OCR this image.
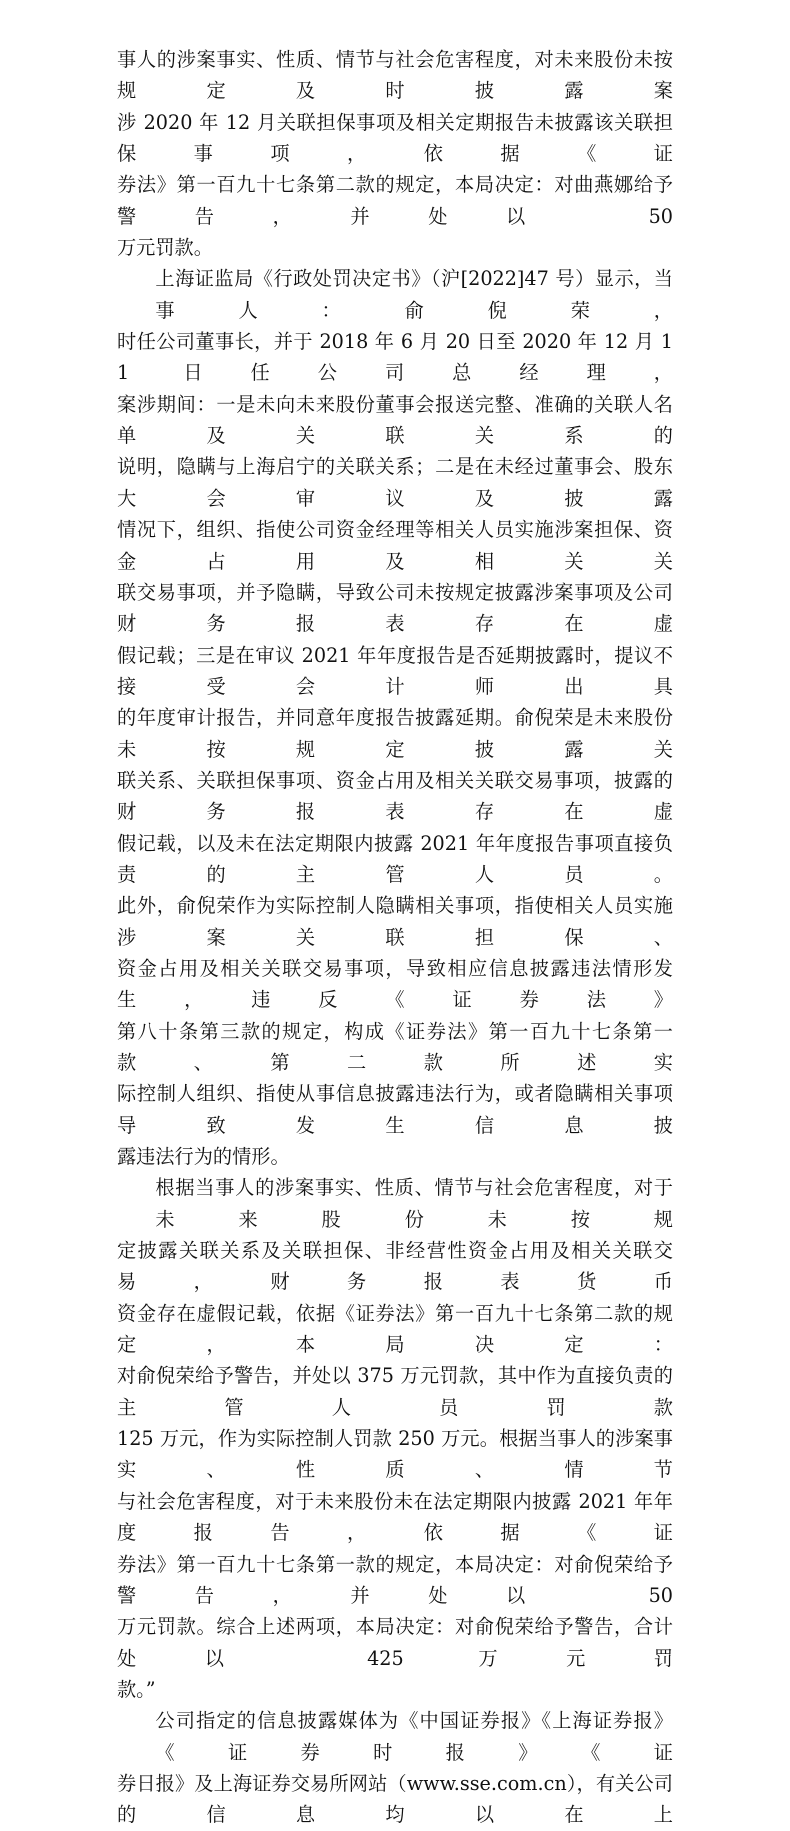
事人的涉案事实、性质、情节与社会危害程度，对未来股份未按规定及时披露案
涉 2020 年 12 月关联担保事项及相关定期报告未披露该关联担保事项，依据《证
券法》第一百九十七条第二款的规定，本局决定：对曲燕娜给予警告，并处以 50
万元罚款。
上海证监局《行政处罚决定书》（沪[2022]47 号）显示，当事人：俞倪荣，
时任公司董事长，并于 2018 年 6 月 20 日至 2020 年 12 月 11 日任公司总经理，
案涉期间：一是未向未来股份董事会报送完整、准确的关联人名单及关联关系的
说明，隐瞒与上海启宁的关联关系；二是在未经过董事会、股东大会审议及披露
情况下，组织、指使公司资金经理等相关人员实施涉案担保、资金占用及相关关
联交易事项，并予隐瞒，导致公司未按规定披露涉案事项及公司财务报表存在虚
假记载；三是在审议 2021 年年度报告是否延期披露时，提议不接受会计师出具
的年度审计报告，并同意年度报告披露延期。俞倪荣是未来股份未按规定披露关
联关系、关联担保事项、资金占用及相关关联交易事项，披露的财务报表存在虚
假记载，以及未在法定期限内披露 2021 年年度报告事项直接负责的主管人员。
此外，俞倪荣作为实际控制人隐瞒相关事项，指使相关人员实施涉案关联担保、
资金占用及相关关联交易事项，导致相应信息披露违法情形发生，违反《证券法》
第八十条第三款的规定，构成《证券法》第一百九十七条第一款、第二款所述实
际控制人组织、指使从事信息披露违法行为，或者隐瞒相关事项导致发生信息披
露违法行为的情形。
根据当事人的涉案事实、性质、情节与社会危害程度，对于未来股份未按规
定披露关联关系及关联担保、非经营性资金占用及相关关联交易，财务报表货币
资金存在虚假记载，依据《证券法》第一百九十七条第二款的规定，本局决定：
对俞倪荣给予警告，并处以 375 万元罚款，其中作为直接负责的主管人员罚款
125 万元，作为实际控制人罚款 250 万元。根据当事人的涉案事实、性质、情节
与社会危害程度，对于未来股份未在法定期限内披露 2021 年年度报告，依据《证
券法》第一百九十七条第一款的规定，本局决定：对俞倪荣给予警告，并处以 50
万元罚款。综合上述两项，本局决定：对俞倪荣给予警告，合计处以 425 万元罚
款。”
公司指定的信息披露媒体为《中国证券报》《上海证券报》《证券时报》《证
券日报》及上海证券交易所网站（www.sse.com.cn），有关公司的信息均以在上
